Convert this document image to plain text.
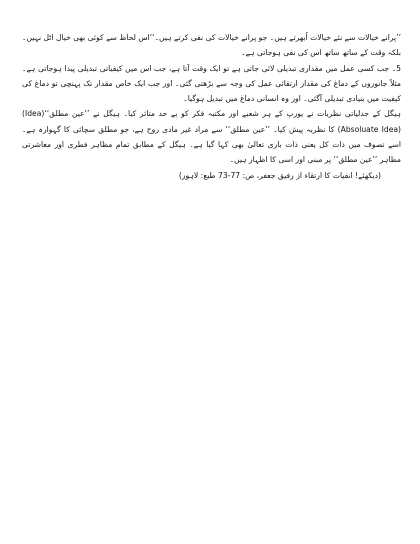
’’پرانے خیالات سے نئے خیالات اُبھرتے ہیں۔ جو پرانے خیالات کی نفی کرتے ہیں۔‘‘اس لحاظ سے کوئی بھی خیال اٹل نہیں۔ بلکہ وقت کے ساتھ ساتھ اس کی نفی ہوجاتی ہے۔

5۔ جب کسی عمل میں مقداری تبدیلی لائی جاتی ہے تو ایک وقت آتا ہے، جب اس میں کیفیاتی تبدیلی پیدا ہوجاتی ہے۔ مثلاً جانوروں کے دماغ کی مقدار ارتقائی عمل کی وجہ سے بڑھتی گئی۔ اور جب ایک خاص مقدار تک پہنچی تو دماغ کی کیفیت میں بنیادی تبدیلی آگئی۔ اور وہ انسانی دماغ میں تبدیل ہوگیا۔

ہیگل کے جدلیاتی نظریات نے یورپ کے ہر شعبے اور مکتبہ فکر کو بے حد متاثر کیا۔ ہیگل نے ’’عین مطلق‘‘(Idea) (Absoluate Idea) کا نظریہ پیش کیا۔ ’’عین مطلق‘‘ سے مراد غیر مادی روح ہے، جو مطلق سچائی کا گہوارہ ہے۔ اسے تصوف میں ذات کل یعنی ذات باری تعالیٰ بھی کہا گیا ہے۔ ہیگل کے مطابق تمام مظاہر فطری اور معاشرتی مظاہر ’’عین مطلق‘‘ پر مبنی اور اسی کا اظہار ہیں۔

(دیکھئے! انفیات کا ارتقاء از رفیق جعفر، ص: 77-73 طبع: لاہور)
